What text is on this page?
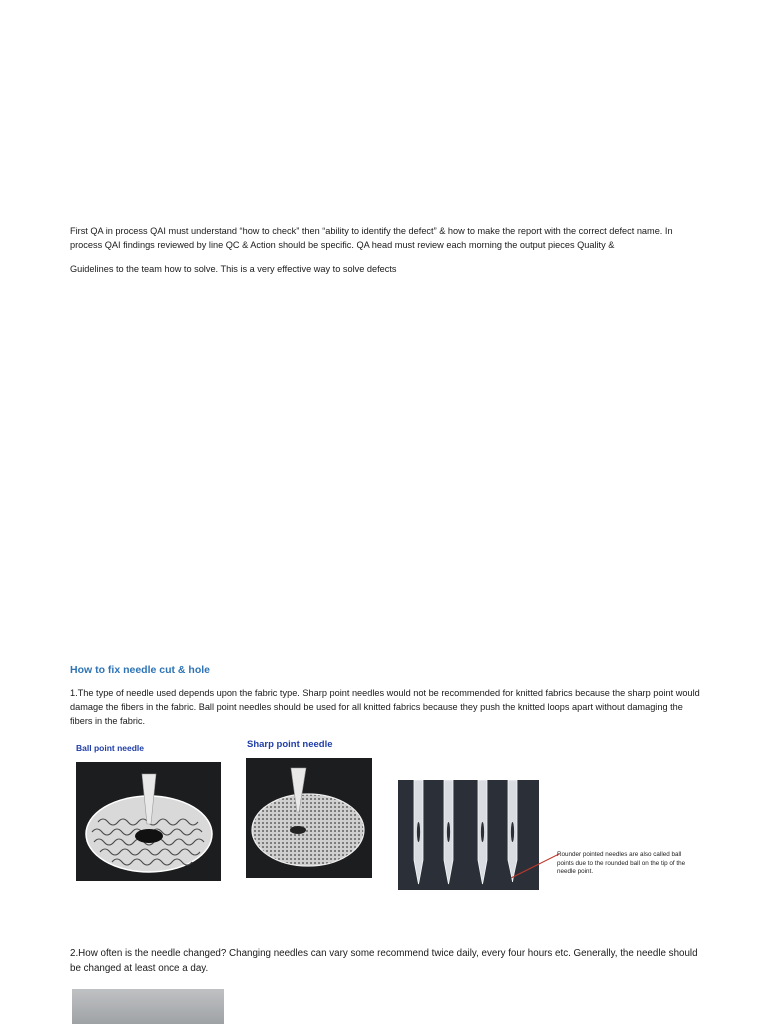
First QA in process QAI must understand “how to check” then “ability to identify the defect” & how to make the report with the correct defect name. In process QAI findings reviewed by line QC & Action should be specific. QA head must review each morning the output pieces Quality &

Guidelines to the team how to solve. This is a very effective way to solve defects

How to fix needle cut & hole

1.The type of needle used depends upon the fabric type. Sharp point needles would not be recommended for knitted fabrics because the sharp point would damage the fibers in the fabric. Ball point needles should be used for all knitted fabrics because they push the knitted loops apart without damaging the fibers in the fabric.

Ball point needle	Sharp point needle

Rounder pointed needles are also called ball points due to the rounded ball on the tip of the needle point.

2.How often is the needle changed? Changing needles can vary some recommend twice daily, every four hours etc. Generally, the needle should be changed at least once a day.
